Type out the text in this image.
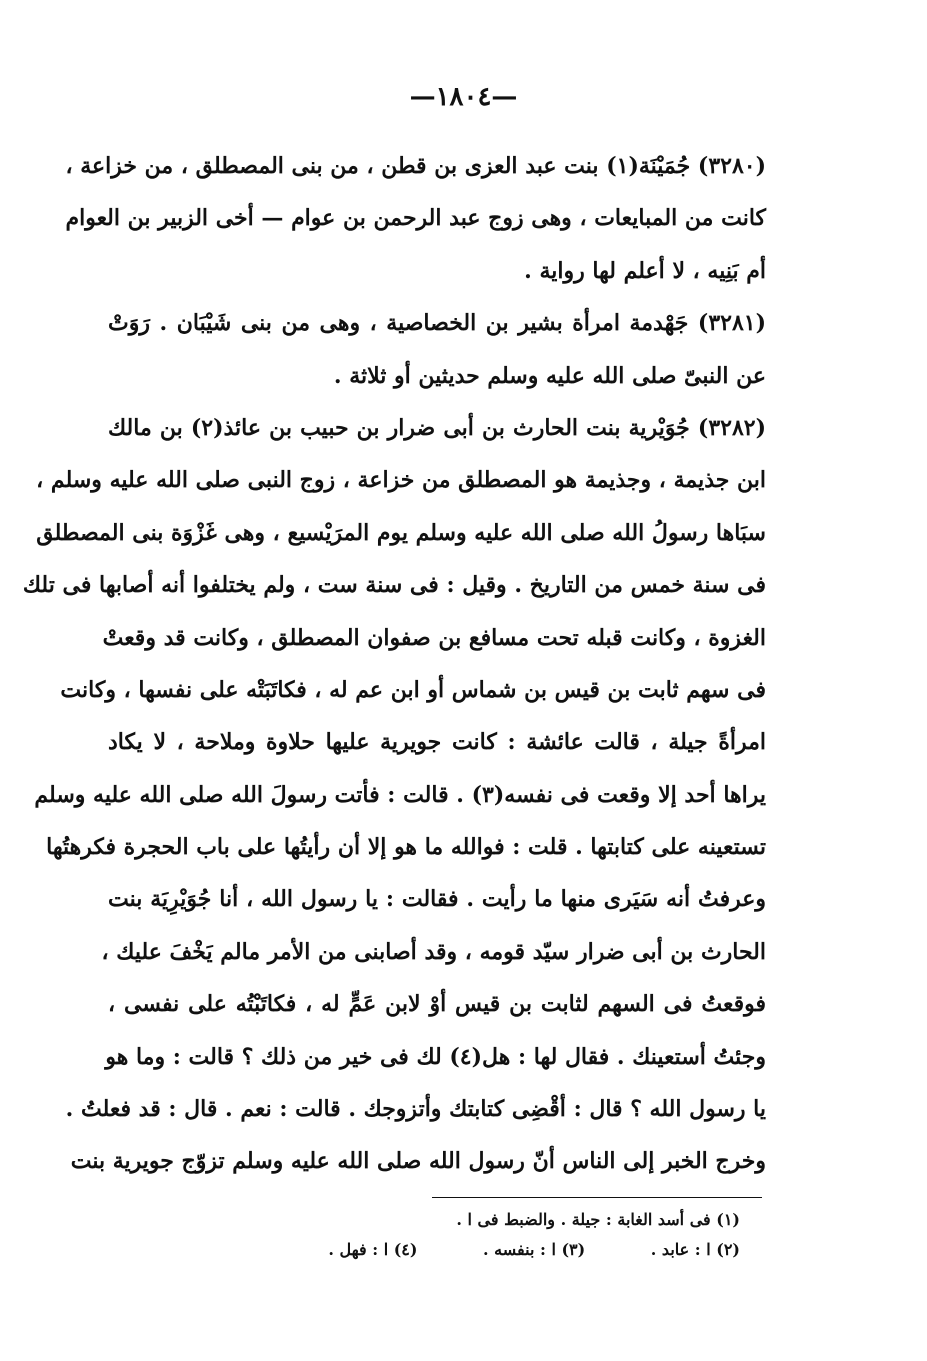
—١٨٠٤—
(٣٢٨٠) جُمَيْنَة(١) بنت عبد العزى بن قطن ، من بنى المصطلق ، من خزاعة ،
كانت من المبايعات ، وهى زوج عبد الرحمن بن عوام — أخى الزبير بن العوام
أم بَنِيه ، لا أعلم لها رواية .
(٣٢٨١) جَهْدمة امرأة بشير بن الخصاصية ، وهى من بنى شَيْبَان . رَوَتْ
عن النبىّ صلى الله عليه وسلم حديثين أو ثلاثة .
(٣٢٨٢) جُوَيْرية بنت الحارث بن أبى ضرار بن حبيب بن عائذ(٢) بن مالك
ابن جذيمة ، وجذيمة هو المصطلق من خزاعة ، زوج النبى صلى الله عليه وسلم ،
سبَاها رسولُ الله صلى الله عليه وسلم يوم المرَيْسيع ، وهى غَزْوَة بنى المصطلق
فى سنة خمس من التاريخ . وقيل : فى سنة ست ، ولم يختلفوا أنه أصابها فى تلك
الغزوة ، وكانت قبله تحت مسافع بن صفوان المصطلق ، وكانت قد وقعتْ
فى سهم ثابت بن قيس بن شماس أو ابن عم له ، فكاتَبَتْه على نفسها ، وكانت
امرأةً جيلة ، قالت عائشة : كانت جويرية عليها حلاوة وملاحة ، لا يكاد
يراها أحد إلا وقعت فى نفسه(٣) . قالت : فأتت رسولَ الله صلى الله عليه وسلم
تستعينه على كتابتها . قلت : فوالله ما هو إلا أن رأيتُها على باب الحجرة فكرهتُها
وعرفتُ أنه سَيَرى منها ما رأيت . فقالت : يا رسول الله ، أنا جُوَيْرِيَة بنت
الحارث بن أبى ضرار سيّد قومه ، وقد أصابنى من الأمر مالم يَخْفَ عليك ،
فوقعتُ فى السهم لثابت بن قيس أوْ لابن عَمٍّ له ، فكاتَبْتُه على نفسى ،
وجئتُ أستعينك . فقال لها : هل(٤) لك فى خير من ذلك ؟ قالت : وما هو
يا رسول الله ؟ قال : أقْضِى كتابتك وأتزوجك . قالت : نعم . قال : قد فعلتُ .
وخرج الخبر إلى الناس أنّ رسول الله صلى الله عليه وسلم تزوّج جويرية بنت
(١) فى أسد الغابة : جيلة . والضبط فى ا .
(٢) ا : عابد . (٣) ا : بنفسه . (٤) ا : فهل .
